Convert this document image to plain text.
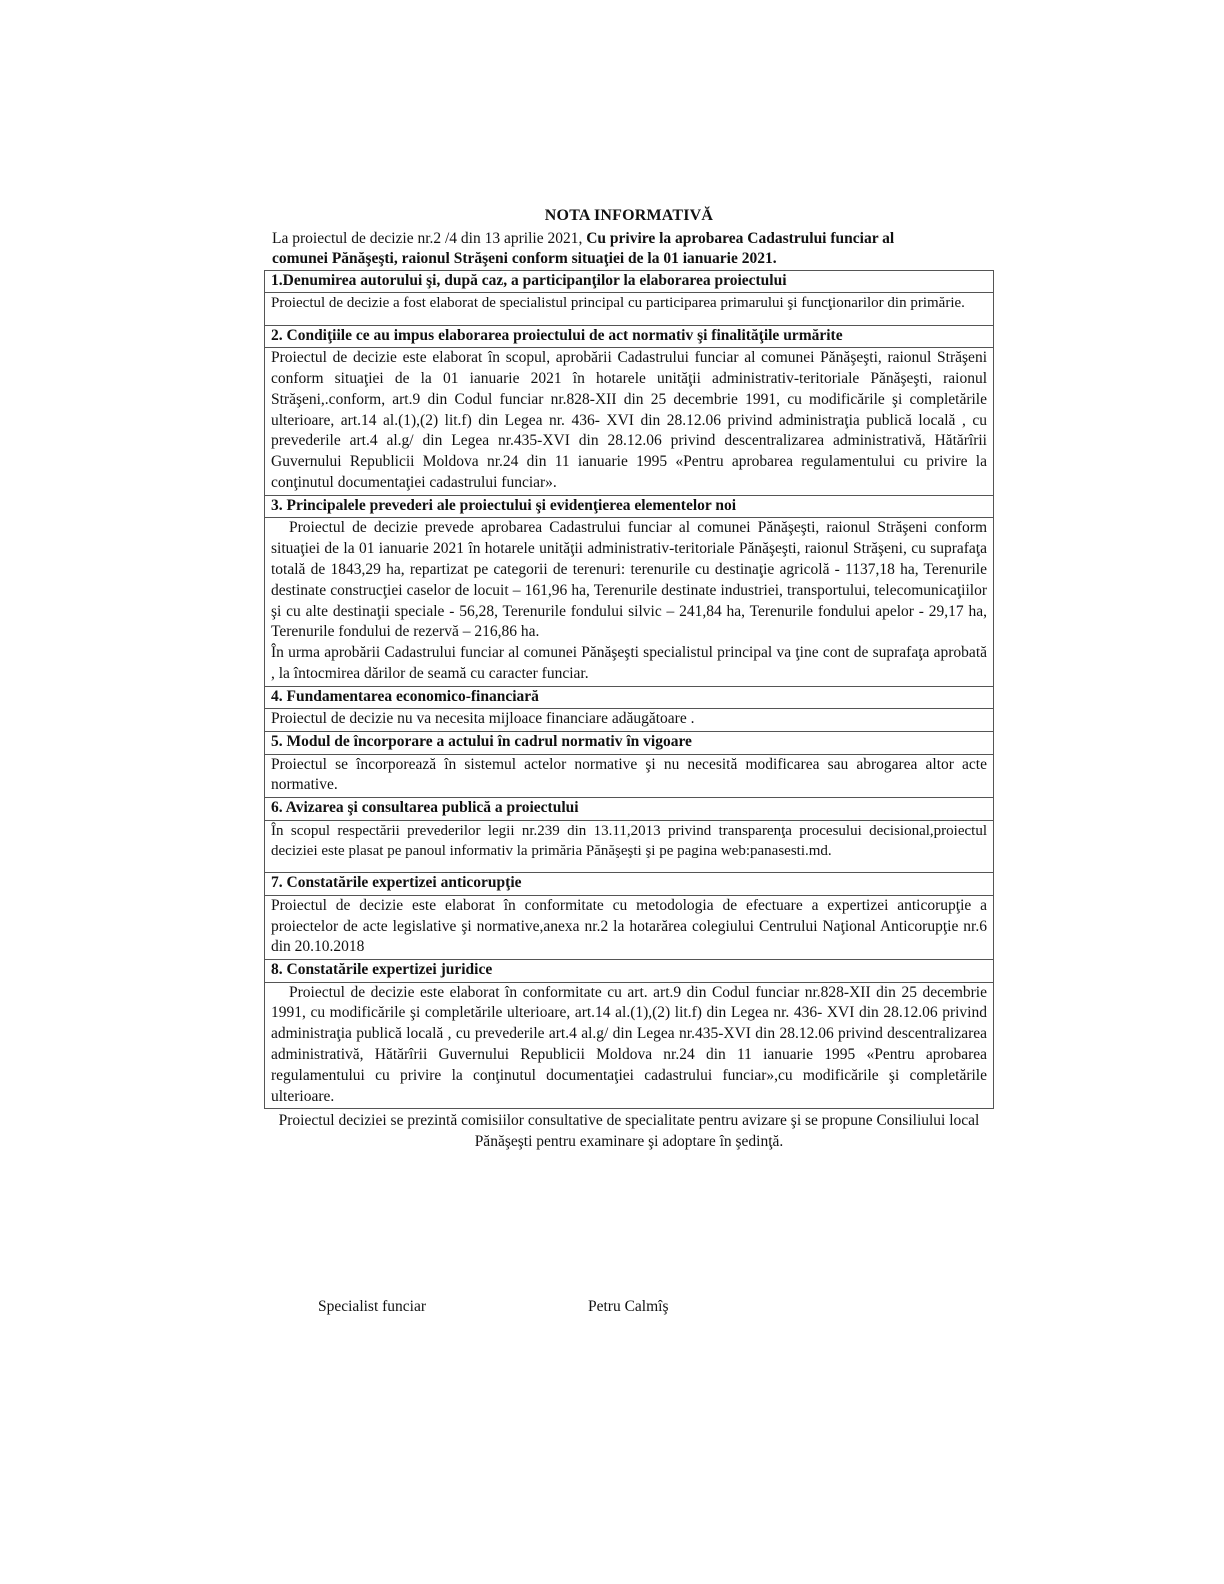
NOTA INFORMATIVĂ
La proiectul de decizie nr.2 /4 din 13 aprilie 2021, Cu privire la aprobarea Cadastrului funciar al comunei Pănăşeşti, raionul Străşeni conform situaţiei de la 01 ianuarie 2021.
1.Denumirea autorului şi, după caz, a participanţilor la elaborarea proiectului

Proiectul de decizie a fost elaborat de specialistul principal cu participarea primarului şi funcţionarilor din primărie.

2. Condiţiile ce au impus elaborarea proiectului de act normativ şi finalităţile urmărite

Proiectul de decizie este elaborat în scopul, aprobării Cadastrului funciar al comunei Pănăşeşti, raionul Străşeni conform situaţiei de la 01 ianuarie 2021 în hotarele unităţii administrativ-teritoriale Pănăşeşti, raionul Străşeni,.conform, art.9 din Codul funciar nr.828-XII din 25 decembrie 1991, cu modificările şi completările ulterioare, art.14 al.(1),(2) lit.f) din Legea nr. 436- XVI din 28.12.06 privind administraţia publică locală , cu prevederile art.4 al.g/ din Legea nr.435-XVI din 28.12.06 privind descentralizarea administrativă, Hătărîrii Guvernului Republicii Moldova nr.24 din 11 ianuarie 1995 «Pentru aprobarea regulamentului cu privire la conţinutul documentaţiei cadastrului funciar».

3. Principalele prevederi ale proiectului şi evidenţierea elementelor noi

Proiectul de decizie prevede aprobarea Cadastrului funciar al comunei Pănăşeşti, raionul Străşeni conform situaţiei de la 01 ianuarie 2021 în hotarele unităţii administrativ-teritoriale Pănăşeşti, raionul Străşeni, cu suprafaţa totală de 1843,29 ha, repartizat pe categorii de terenuri: terenurile cu destinaţie agricolă - 1137,18 ha, Terenurile destinate construcţiei caselor de locuit – 161,96 ha, Terenurile destinate industriei, transportului, telecomunicaţiilor şi cu alte destinaţii speciale - 56,28, Terenurile fondului silvic – 241,84 ha, Terenurile fondului apelor - 29,17 ha, Terenurile fondului de rezervă – 216,86 ha.

În urma aprobării Cadastrului funciar al comunei Pănăşeşti specialistul principal va ţine cont de suprafaţa aprobată , la întocmirea dărilor de seamă cu caracter funciar.

4. Fundamentarea economico-financiară

Proiectul de decizie nu va necesita mijloace financiare adăugătoare .

5. Modul de încorporare a actului în cadrul normativ în vigoare

Proiectul se încorporează în sistemul actelor normative şi nu necesită modificarea sau abrogarea altor acte normative.

6. Avizarea şi consultarea publică a proiectului

În scopul respectării prevederilor legii nr.239 din 13.11,2013 privind transparenţa procesului decisional,proiectul deciziei este plasat pe panoul informativ la primăria Pănăşeşti şi pe pagina web:panasesti.md.

7. Constatările expertizei anticorupţie

Proiectul de decizie este elaborat în conformitate cu metodologia de efectuare a expertizei anticorupţie a proiectelor de acte legislative şi normative,anexa nr.2 la hotarărea colegiului Centrului Naţional Anticorupţie nr.6 din 20.10.2018

8. Constatările expertizei juridice

Proiectul de decizie este elaborat în conformitate cu art. art.9 din Codul funciar nr.828-XII din 25 decembrie 1991, cu modificările şi completările ulterioare, art.14 al.(1),(2) lit.f) din Legea nr. 436- XVI din 28.12.06 privind administraţia publică locală , cu prevederile art.4 al.g/ din Legea nr.435-XVI din 28.12.06 privind descentralizarea administrativă, Hătărîrii Guvernului Republicii Moldova nr.24 din 11 ianuarie 1995 «Pentru aprobarea regulamentului cu privire la conţinutul documentaţiei cadastrului funciar»,cu modificările şi completările ulterioare.

Proiectul deciziei se prezintă comisiilor consultative de specialitate pentru avizare şi se propune Consiliului local Pănăşeşti pentru examinare şi adoptare în şedinţă.
Specialist funciar	Petru Calmîş
